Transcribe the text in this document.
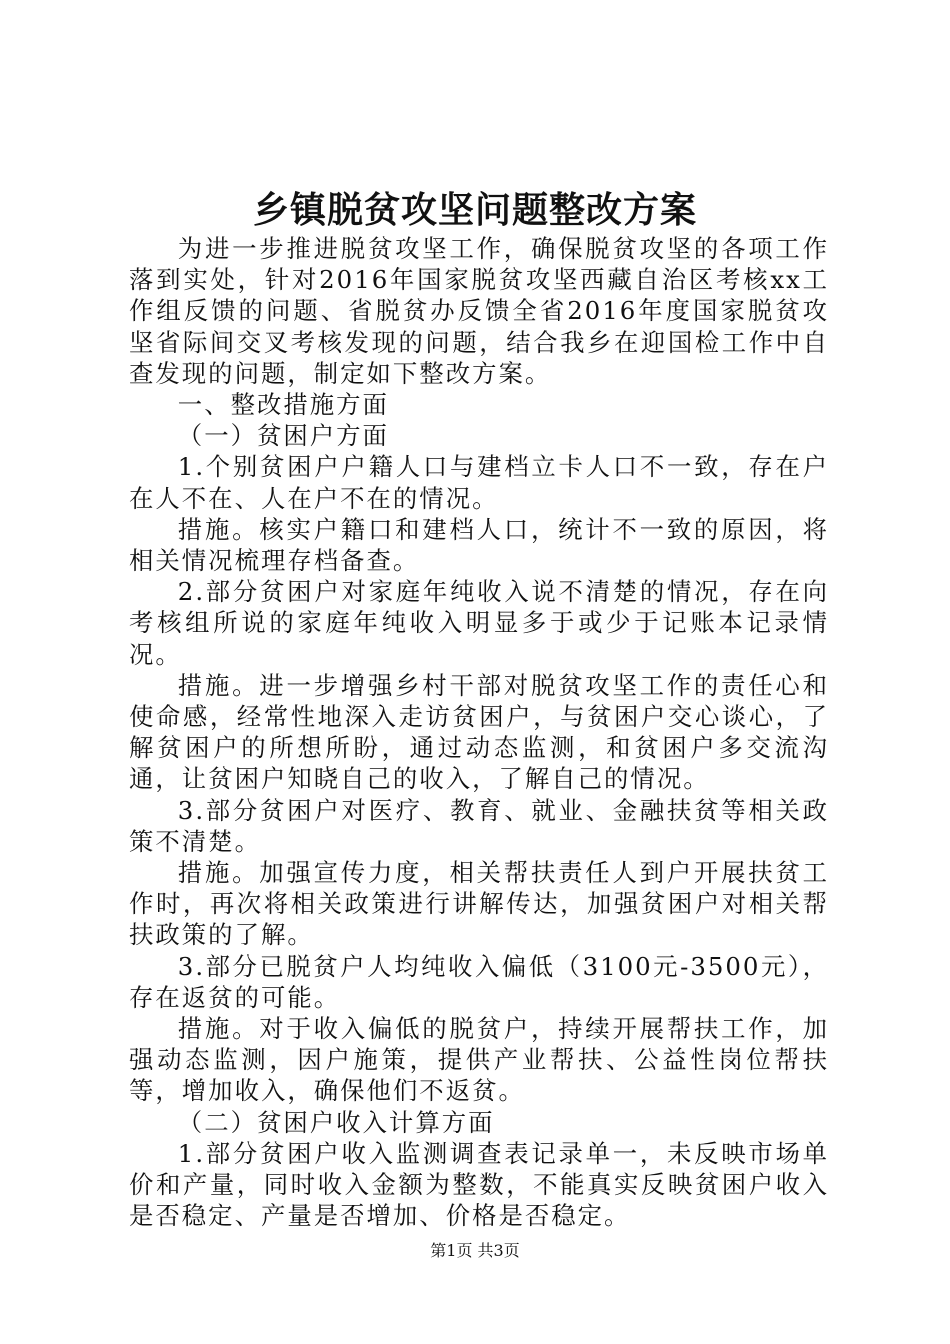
乡镇脱贫攻坚问题整改方案

为进一步推进脱贫攻坚工作，确保脱贫攻坚的各项工作落到实处，针对2016年国家脱贫攻坚西藏自治区考核xx工作组反馈的问题、省脱贫办反馈全省2016年度国家脱贫攻坚省际间交叉考核发现的问题，结合我乡在迎国检工作中自查发现的问题，制定如下整改方案。

一、整改措施方面

（一）贫困户方面

1.个别贫困户户籍人口与建档立卡人口不一致，存在户在人不在、人在户不在的情况。

措施。核实户籍口和建档人口，统计不一致的原因，将相关情况梳理存档备查。

2.部分贫困户对家庭年纯收入说不清楚的情况，存在向考核组所说的家庭年纯收入明显多于或少于记账本记录情况。

措施。进一步增强乡村干部对脱贫攻坚工作的责任心和使命感，经常性地深入走访贫困户，与贫困户交心谈心，了解贫困户的所想所盼，通过动态监测，和贫困户多交流沟通，让贫困户知晓自己的收入，了解自己的情况。

3.部分贫困户对医疗、教育、就业、金融扶贫等相关政策不清楚。

措施。加强宣传力度，相关帮扶责任人到户开展扶贫工作时，再次将相关政策进行讲解传达，加强贫困户对相关帮扶政策的了解。

3.部分已脱贫户人均纯收入偏低（3100元-3500元），存在返贫的可能。

措施。对于收入偏低的脱贫户，持续开展帮扶工作，加强动态监测，因户施策，提供产业帮扶、公益性岗位帮扶等，增加收入，确保他们不返贫。

（二）贫困户收入计算方面

1.部分贫困户收入监测调查表记录单一，未反映市场单价和产量，同时收入金额为整数，不能真实反映贫困户收入是否稳定、产量是否增加、价格是否稳定。

第1页 共3页
